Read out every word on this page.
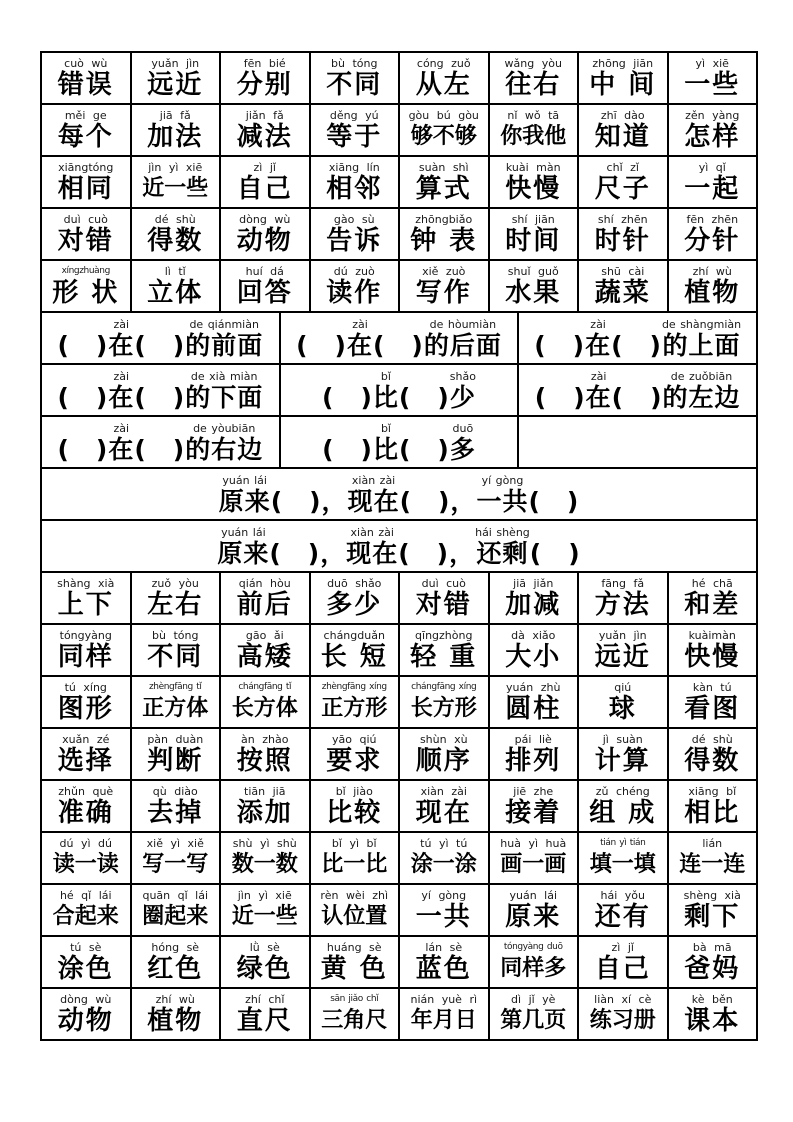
cuò wù
错误
yuǎn jìn
远近
fēn bié
分别
bù tóng
不同
cóng zuǒ
从左
wǎng yòu
往右
zhōng jiān
中 间
yì xiē
一些
měi ge
每个
jiā fǎ
加法
jiǎn fǎ
减法
děng yú
等于
gòu bú gòu
够不够
nǐ wǒ tā
你我他
zhī dào
知道
zěn yàng
怎样
xiāngtóng
相同
jìn yì xiē
近一些
zì jǐ
自己
xiāng lín
相邻
suàn shì
算式
kuài màn
快慢
chǐ zǐ
尺子
yì qǐ
一起
duì cuò
对错
dé shù
得数
dòng wù
动物
gào sù
告诉
zhōngbiǎo
钟 表
shí jiān
时间
shí zhēn
时针
fēn zhēn
分针
xíngzhuàng
形 状
lì tǐ
立体
huí dá
回答
dú zuò
读作
xiě zuò
写作
shuǐ guǒ
水果
shū cài
蔬菜
zhí wù
植物
(　)
zài
在 (　)
de qiánmiàn
的前面 (　)
zài
在 (　)
de hòumiàn
的后面 (　)
zài
在 (　)
de shàngmiàn
的上面
(　)
zài
在 (　)
de xià miàn
的下面 (　)
bǐ
比 (　)
shǎo
少 (　)
zài
在 (　)
de zuǒbiān
的左边
(　)
zài
在 (　)
de yòubiān
的右边 (　)
bǐ
比 (　)
duō
多
yuán lái
原来 (　)，
xiàn zài
现在 (　)，
yí gòng
一共 (　)
yuán lái
原来 (　)，
xiàn zài
现在 (　)，
hái shèng
还剩 (　)
shàng xià
上下
zuǒ yòu
左右
qián hòu
前后
duō shǎo
多少
duì cuò
对错
jiā jiǎn
加减
fāng fǎ
方法
hé chā
和差
tóngyàng
同样
bù tóng
不同
gāo ǎi
高矮
chángduǎn
长 短
qīngzhòng
轻 重
dà xiǎo
大小
yuǎn jìn
远近
kuàimàn
快慢
tú xíng
图形
zhèngfāng tǐ
正方体
chángfāng tǐ
长方体
zhèngfāng xíng
正方形
chángfāng xíng
长方形
yuán zhù
圆柱
qiú
球
kàn tú
看图
xuǎn zé
选择
pàn duàn
判断
àn zhào
按照
yāo qiú
要求
shùn xù
顺序
pái liè
排列
jì suàn
计算
dé shù
得数
zhǔn què
准确
qù diào
去掉
tiān jiā
添加
bǐ jiào
比较
xiàn zài
现在
jiē zhe
接着
zǔ chéng
组 成
xiāng bǐ
相比
dú yì dú
读一读
xiě yì xiě
写一写
shù yì shù
数一数
bǐ yì bǐ
比一比
tú yì tú
涂一涂
huà yì huà
画一画
tián yì tián
填一填
lián
连一连
hé qǐ lái
合起来
quān qǐ lái
圈起来
jìn yì xiē
近一些
rèn wèi zhì
认位置
yí gòng
一共
yuán lái
原来
hái yǒu
还有
shèng xià
剩下
tú sè
涂色
hóng sè
红色
lǜ sè
绿色
huáng sè
黄 色
lán sè
蓝色
tóngyàng duō
同样多
zì jǐ
自己
bà mā
爸妈
dòng wù
动物
zhí wù
植物
zhí chǐ
直尺
sān jiǎo chǐ
三角尺
nián yuè rì
年月日
dì jǐ yè
第几页
liàn xí cè
练习册
kè běn
课本
